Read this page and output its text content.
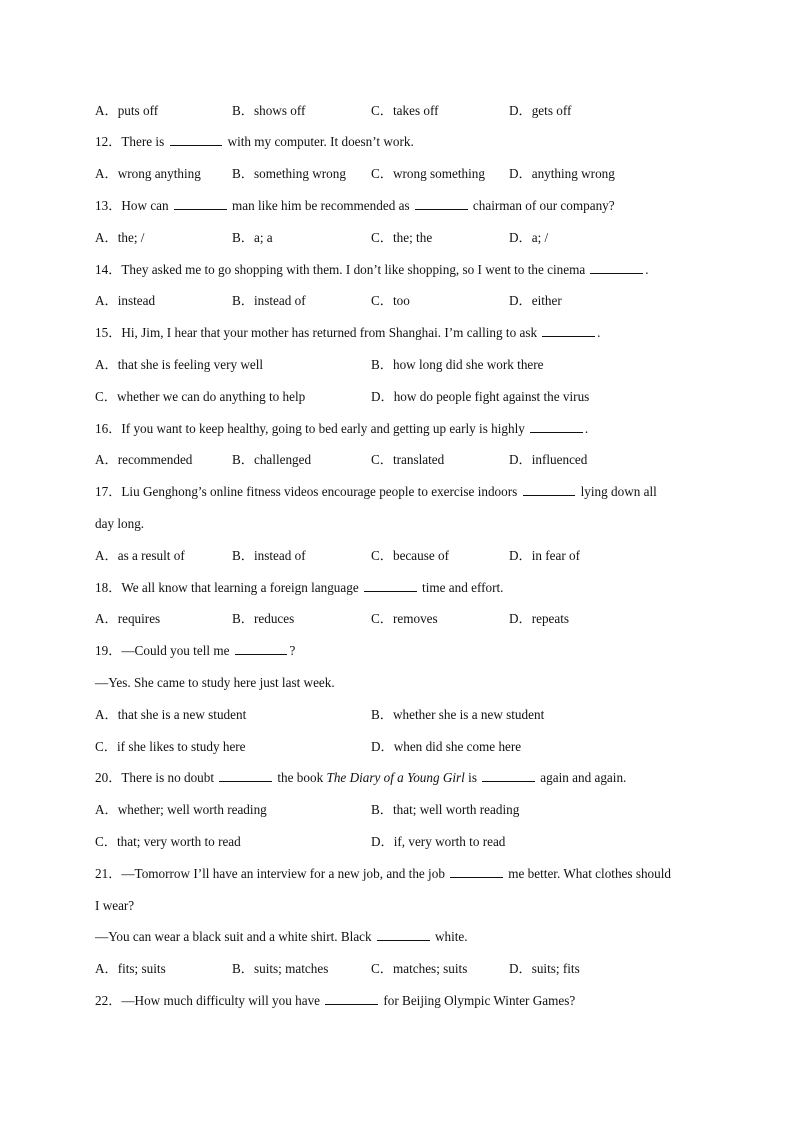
A．puts off	B．shows off	C．takes off	D．gets off
12．There is	with my computer. It doesn’t work.
A．wrong anything B．something wrong C．wrong something D．anything wrong
13．How can	man like him be recommended as	chairman of our company?
A．the; /	B．a; a	C．the; the	D．a; /
14．They asked me to go shopping with them. I don’t like shopping, so I went to the cinema	.
A．instead	B．instead of	C．too	D．either
15．Hi, Jim, I hear that your mother has returned from Shanghai. I’m calling to ask	.
A．that she is feeling very well	B．how long did she work there
C．whether we can do anything to help	D．how do people fight against the virus
16．If you want to keep healthy, going to bed early and getting up early is highly	.
A．recommended	B．challenged	C．translated	D．influenced
17．Liu Genghong’s online fitness videos encourage people to exercise indoors	lying down all
day long.
A．as a result of	B．instead of	C．because of	D．in fear of
18．We all know that learning a foreign language	time and effort.
A．requires	B．reduces	C．removes	D．repeats
19．—Could you tell me	?
—Yes. She came to study here just last week.
A．that she is a new student	B．whether she is a new student
C．if she likes to study here	D．when did she come here
20．There is no doubt	the book The Diary of a Young Girl is	again and again.
A．whether; well worth reading	B．that; well worth reading
C．that; very worth to read	D．if, very worth to read
21．—Tomorrow I’ll have an interview for a new job, and the job	me better. What clothes should
I wear?
—You can wear a black suit and a white shirt. Black	white.
A．fits; suits	B．suits; matches	C．matches; suits	D．suits; fits
22．—How much difficulty will you have	for Beijing Olympic Winter Games?
